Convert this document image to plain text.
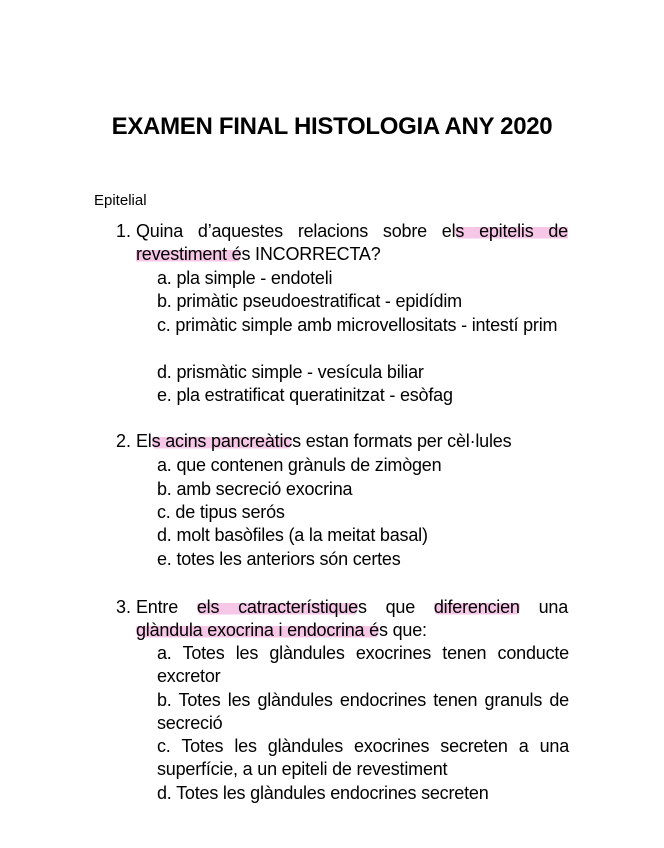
EXAMEN FINAL HISTOLOGIA ANY 2020
Epitelial
1. Quina d’aquestes relacions sobre els epitelis de revestiment és INCORRECTA?
a. pla simple - endoteli
b. primàtic pseudoestratificat - epidídim
c. primàtic simple amb microvellositats - intestí prim
d. prismàtic simple - vesícula biliar
e. pla estratificat queratinitzat - esòfag
2. Els acins pancreàtics estan formats per cèl·lules
a. que contenen grànuls de zimògen
b. amb secreció exocrina
c. de tipus serós
d. molt basòfiles (a la meitat basal)
e. totes les anteriors són certes
3. Entre els catracterístiques que diferencien una glàndula exocrina i endocrina és que:
a. Totes les glàndules exocrines tenen conducte excretor
b. Totes les glàndules endocrines tenen granuls de secreció
c. Totes les glàndules exocrines secreten a una superfície, a un epiteli de revestiment
d. Totes les glàndules endocrines secreten
